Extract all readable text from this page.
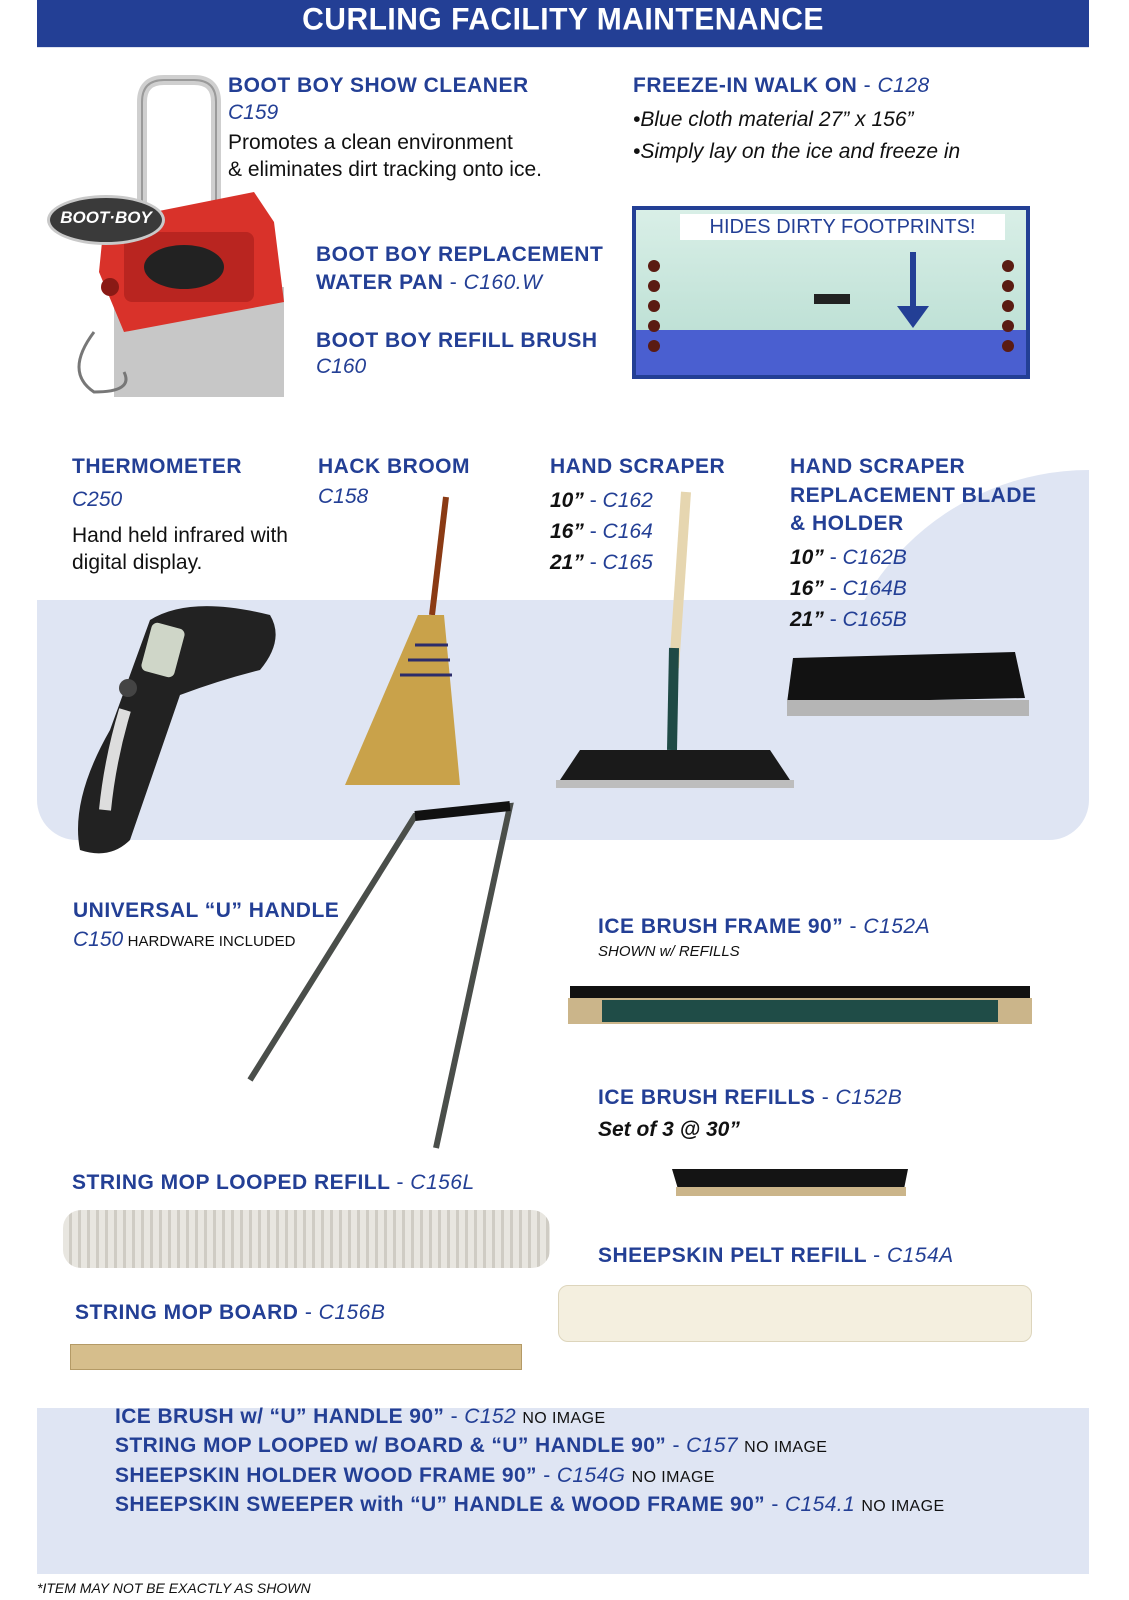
CURLING FACILITY MAINTENANCE
BOOT·BOY
BOOT BOY SHOW CLEANER
C159
Promotes a clean environment
& eliminates dirt tracking onto ice.
BOOT BOY REPLACEMENT
WATER PAN - C160.W
BOOT BOY REFILL BRUSH
C160
FREEZE-IN WALK ON - C128
•Blue cloth material 27” x 156”
•Simply lay on the ice and freeze in
HIDES DIRTY FOOTPRINTS!
THERMOMETER
C250
Hand held infrared with
digital display.
HACK BROOM
C158
HAND SCRAPER
10” - C162
16” - C164
21” - C165
HAND SCRAPER
REPLACEMENT BLADE
& HOLDER
10” - C162B
16” - C164B
21” - C165B
UNIVERSAL “U” HANDLE
C150 HARDWARE INCLUDED
ICE BRUSH FRAME 90” - C152A
SHOWN w/ REFILLS
ICE BRUSH REFILLS - C152B
Set of 3 @ 30”
STRING MOP LOOPED REFILL - C156L
SHEEPSKIN PELT REFILL - C154A
STRING MOP BOARD - C156B
ICE BRUSH w/ “U” HANDLE 90” - C152 NO IMAGE
STRING MOP LOOPED w/ BOARD & “U” HANDLE 90” - C157 NO IMAGE
SHEEPSKIN HOLDER WOOD FRAME 90” - C154G NO IMAGE
SHEEPSKIN SWEEPER with “U” HANDLE & WOOD FRAME 90” - C154.1 NO IMAGE
*ITEM MAY NOT BE EXACTLY AS SHOWN
